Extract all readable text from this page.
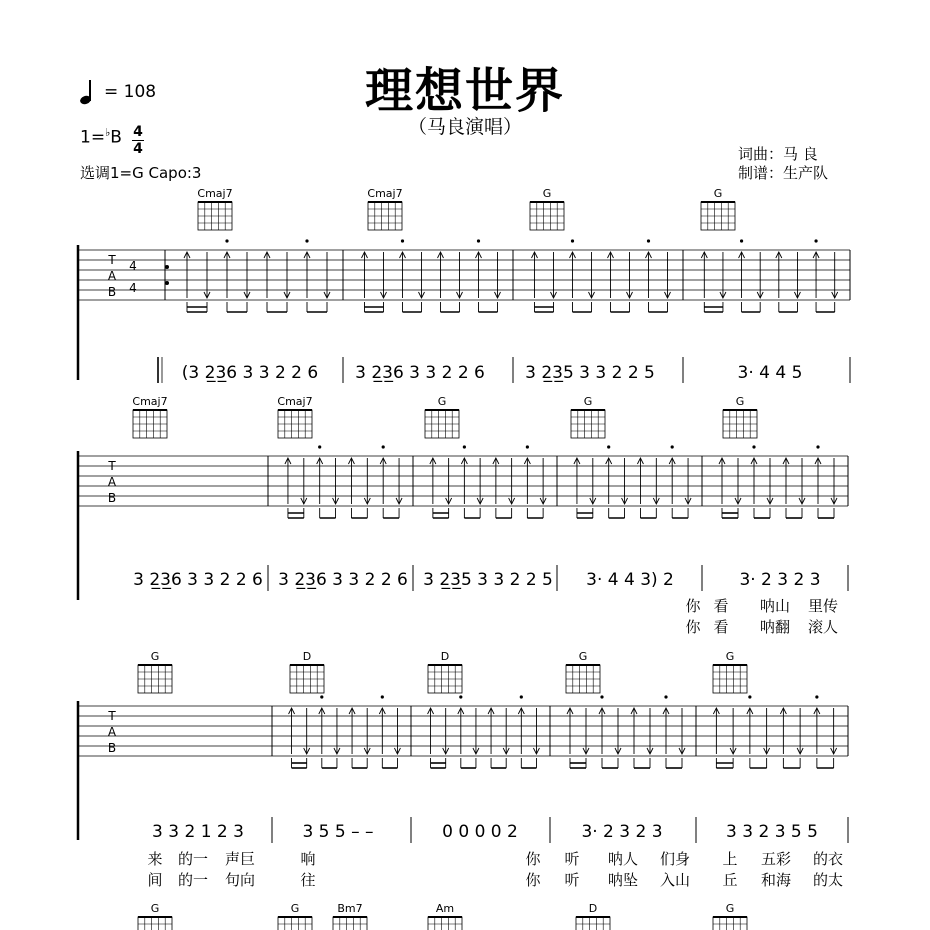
理想世界
（马良演唱）
= 108
1=♭B 4
4
选调1=G Capo:3
词曲：马 良
制谱：生产队
T
A
B
4
4
Cmaj7	Cmaj7	G	G
(3 2̲3̲6 3 3 2 2 6 3 2̲3̲6 3 3 2 2 6 3 2̲3̲5 3 3 2 2 5	3· 4 4 5
T
A
B
Cmaj7	Cmaj7	G	G	G
3 2̲3̲6 3 3 2 2 6 3 2̲3̲6 3 3 2 2 6 3 2̲3̲5 3 3 2 2 5 3· 4 4 3) 2	3· 2 3 2 3
你 看 呐山 里传
你 看 呐翻 滚人
T
A
B
G	D	D	G	G
3 3 2 1 2 3	3 5 5 – –	0 0 0 0 2	3· 2 3 2 3	3 3 2 3 5 5
来 的一 声巨	响	你 听 呐人 们身 上 五彩 的衣
间 的一 句向	往	你 听 呐坠 入山 丘 和海 的太
G	G	Bm7	Am	D	G
